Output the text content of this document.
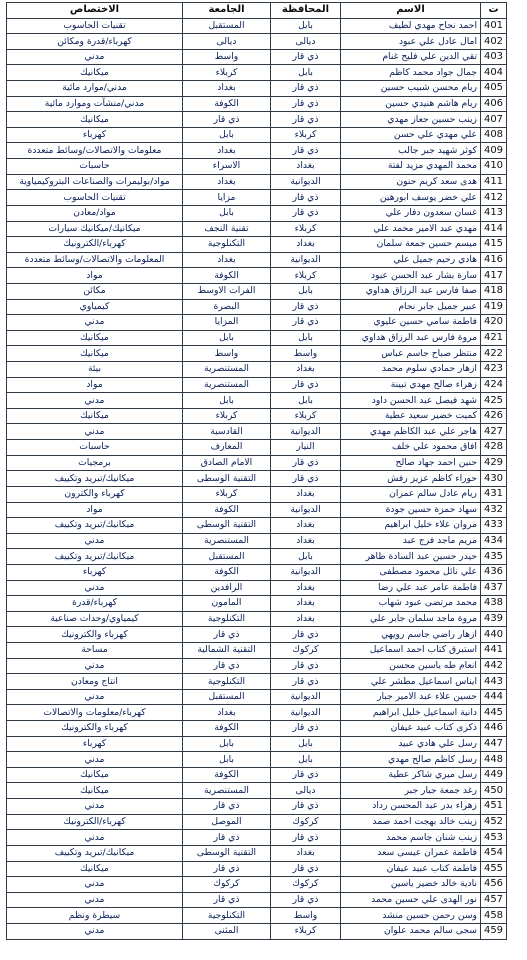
ت	الاسم	المحافظة	الجامعة	الاختصاص
401	احمد نجاح مهدي لطيف	بابل	المستقبل	تقنيات الحاسوب
402	امال عادل علي عبود	ديالى	ديالى	كهرباء/قدرة ومكائن
403	تقي الدين علي فليح غنام	ذي قار	واسط	مدني
404	جمال جواد محمد كاظم	بابل	كربلاء	ميكانيك
405	ريام محسن شبيب حسين	ذي قار	بغداد	مدني/موارد مائية
406	ريام هاشم هنيدي حسين	ذي قار	الكوفة	مدني/منشآت وموارد مائية
407	زينب حسين جعاز مهدي	ذي قار	ذي قار	ميكانيك
408	علي مهدي علي حسن	كربلاء	بابل	كهرباء
409	كوثر شهيد جبر جالب	ذي قار	بغداد	معلومات والاتصالات/وسائط متعددة
410	محمد المهدي مزيد لفتة	بغداد	الاسراء	حاسبات
411	هدى سعد كريم حنون	الديوانية	بغداد	مواد/بوليمرات والصناعات البتروكيمياوية
412	علي خضر يوسف ابورهين	ذي قار	مزايا	تقنيات الحاسوب
413	غسان سعدون دفار علي	ذي قار	بابل	مواد/معادن
414	مهدي عبد الامير محمد علي	كربلاء	تقنية النجف	ميكانيك/ميكانيك سيارات
415	ميسم حسين جمعة سلمان	بغداد	التكنلوجية	كهرباء/الكترونيك
416	هادي رحيم جميل علي	الديوانية	بغداد	المعلومات والاتصالات/وسائط متعددة
417	سارة بشار عبد الحسن عبود	كربلاء	الكوفة	مواد
418	صفا فارس عبد الرزاق هداوي	بابل	الفرات الاوسط	مكائن
419	عبير جميل جابر نحام	ذي قار	البصرة	كيمياوي
420	فاطمة سامي حسين عليوي	ذي قار	المزايا	مدني
421	مروة فارس عبد الرزاق هداوي	بابل	بابل	ميكانيك
422	منتظر صباح جاسم عباس	واسط	واسط	ميكانيك
423	ازهار حمادي سلوم محمد	بغداد	المستنصرية	بيئة
424	زهراء صالح مهدي تبينة	ذي قار	المستنصرية	مواد
425	شهد فيصل عبد الحسن داود	بابل	بابل	مدني
426	كميت خضير سعيد عطية	كربلاء	كربلاء	ميكانيك
427	هاجر علي عبد الكاظم مهدي	الديوانية	القادسية	مدني
428	افاق محمود علي خلف	النيار	المعارف	حاسبات
429	حنين احمد جهاد صالح	ذي قار	الامام الصادق	برمجيات
430	حوراء كاظم عزيز رفش	ذي قار	التقنية الوسطى	ميكانيك/تبريد وتكييف
431	ريام عادل سالم عمران	بغداد	كربلاء	كهرباء والكترون
432	سهاد حمزة حسين جودة	الديوانية	الكوفة	مواد
433	مروان علاء خليل ابراهيم	بغداد	التقنية الوسطى	ميكانيك/تبريد وتكييف
434	مريم ماجد فرج عبد	بغداد	المستنصرية	مدني
435	حيدر حسين عبد السادة ظاهر	بابل	المستقبل	ميكانيك/تبريد وتكييف
436	علي نائل محمود مصطفى	الديوانية	الكوفة	كهرباء
437	فاطمة عامر عبد علي رضا	بغداد	الرافدين	مدني
438	محمد مرتضى عبود شهاب	بغداد	المامون	كهرباء/قدرة
439	مروة ماجد سلمان جابر علي	بغداد	التكنلوجية	كيمياوي/وحدات صناعية
440	ازهار راضي جاسم رويهي	ذي قار	ذي قار	كهرباء والكترونيك
441	استبرق كتاب احمد اسماعيل	كركوك	التقنية الشمالية	مساحة
442	انعام طه ياسين محسن	ذي قار	ذي قار	مدني
443	ايناس اسماعيل مطشر علي	ذي قار	التكنلوجية	انتاج ومعادن
444	حسين علاء عبد الامير جبار	الديوانية	المستقبل	مدني
445	دانية اسماعيل خليل ابراهيم	الديوانية	بغداد	كهرباء/معلومات والاتصالات
446	ذكرى كتاب عبيد عيفان	ذي قار	الكوفة	كهرباء والكترونيك
447	رسل علي هادي عبيد	بابل	بابل	كهرباء
448	رسل كاظم صالح مهدي	بابل	بابل	مدني
449	رسل ميري شاكر عطية	ذي قار	الكوفة	ميكانيك
450	رغد جمعة جبار جبر	ديالى	المستنصرية	ميكانيك
451	زهراء بدر عبد المحسن رداد	ذي قار	ذي قار	مدني
452	زينب خالد بهجت احمد صمد	كركوك	الموصل	كهرباء/الكترونيك
453	زينب شنان جاسم محمد	ذي قار	ذي قار	مدني
454	فاطمة عمران عيسى سعد	بغداد	التقنية الوسطى	ميكانيك/تبريد وتكييف
455	فاطمة كتاب عبيد عيفان	ذي قار	ذي قار	ميكانيك
456	نادية خالد خضير ياسين	كركوك	كركوك	مدني
457	نور الهدى علي حسين محمد	ذي قار	ذي قار	مدني
458	وسن رحمن حسين منشد	واسط	التكنلوجية	سيطرة ونظم
459	سجى سالم محمد علوان	كربلاء	المثنى	مدني
